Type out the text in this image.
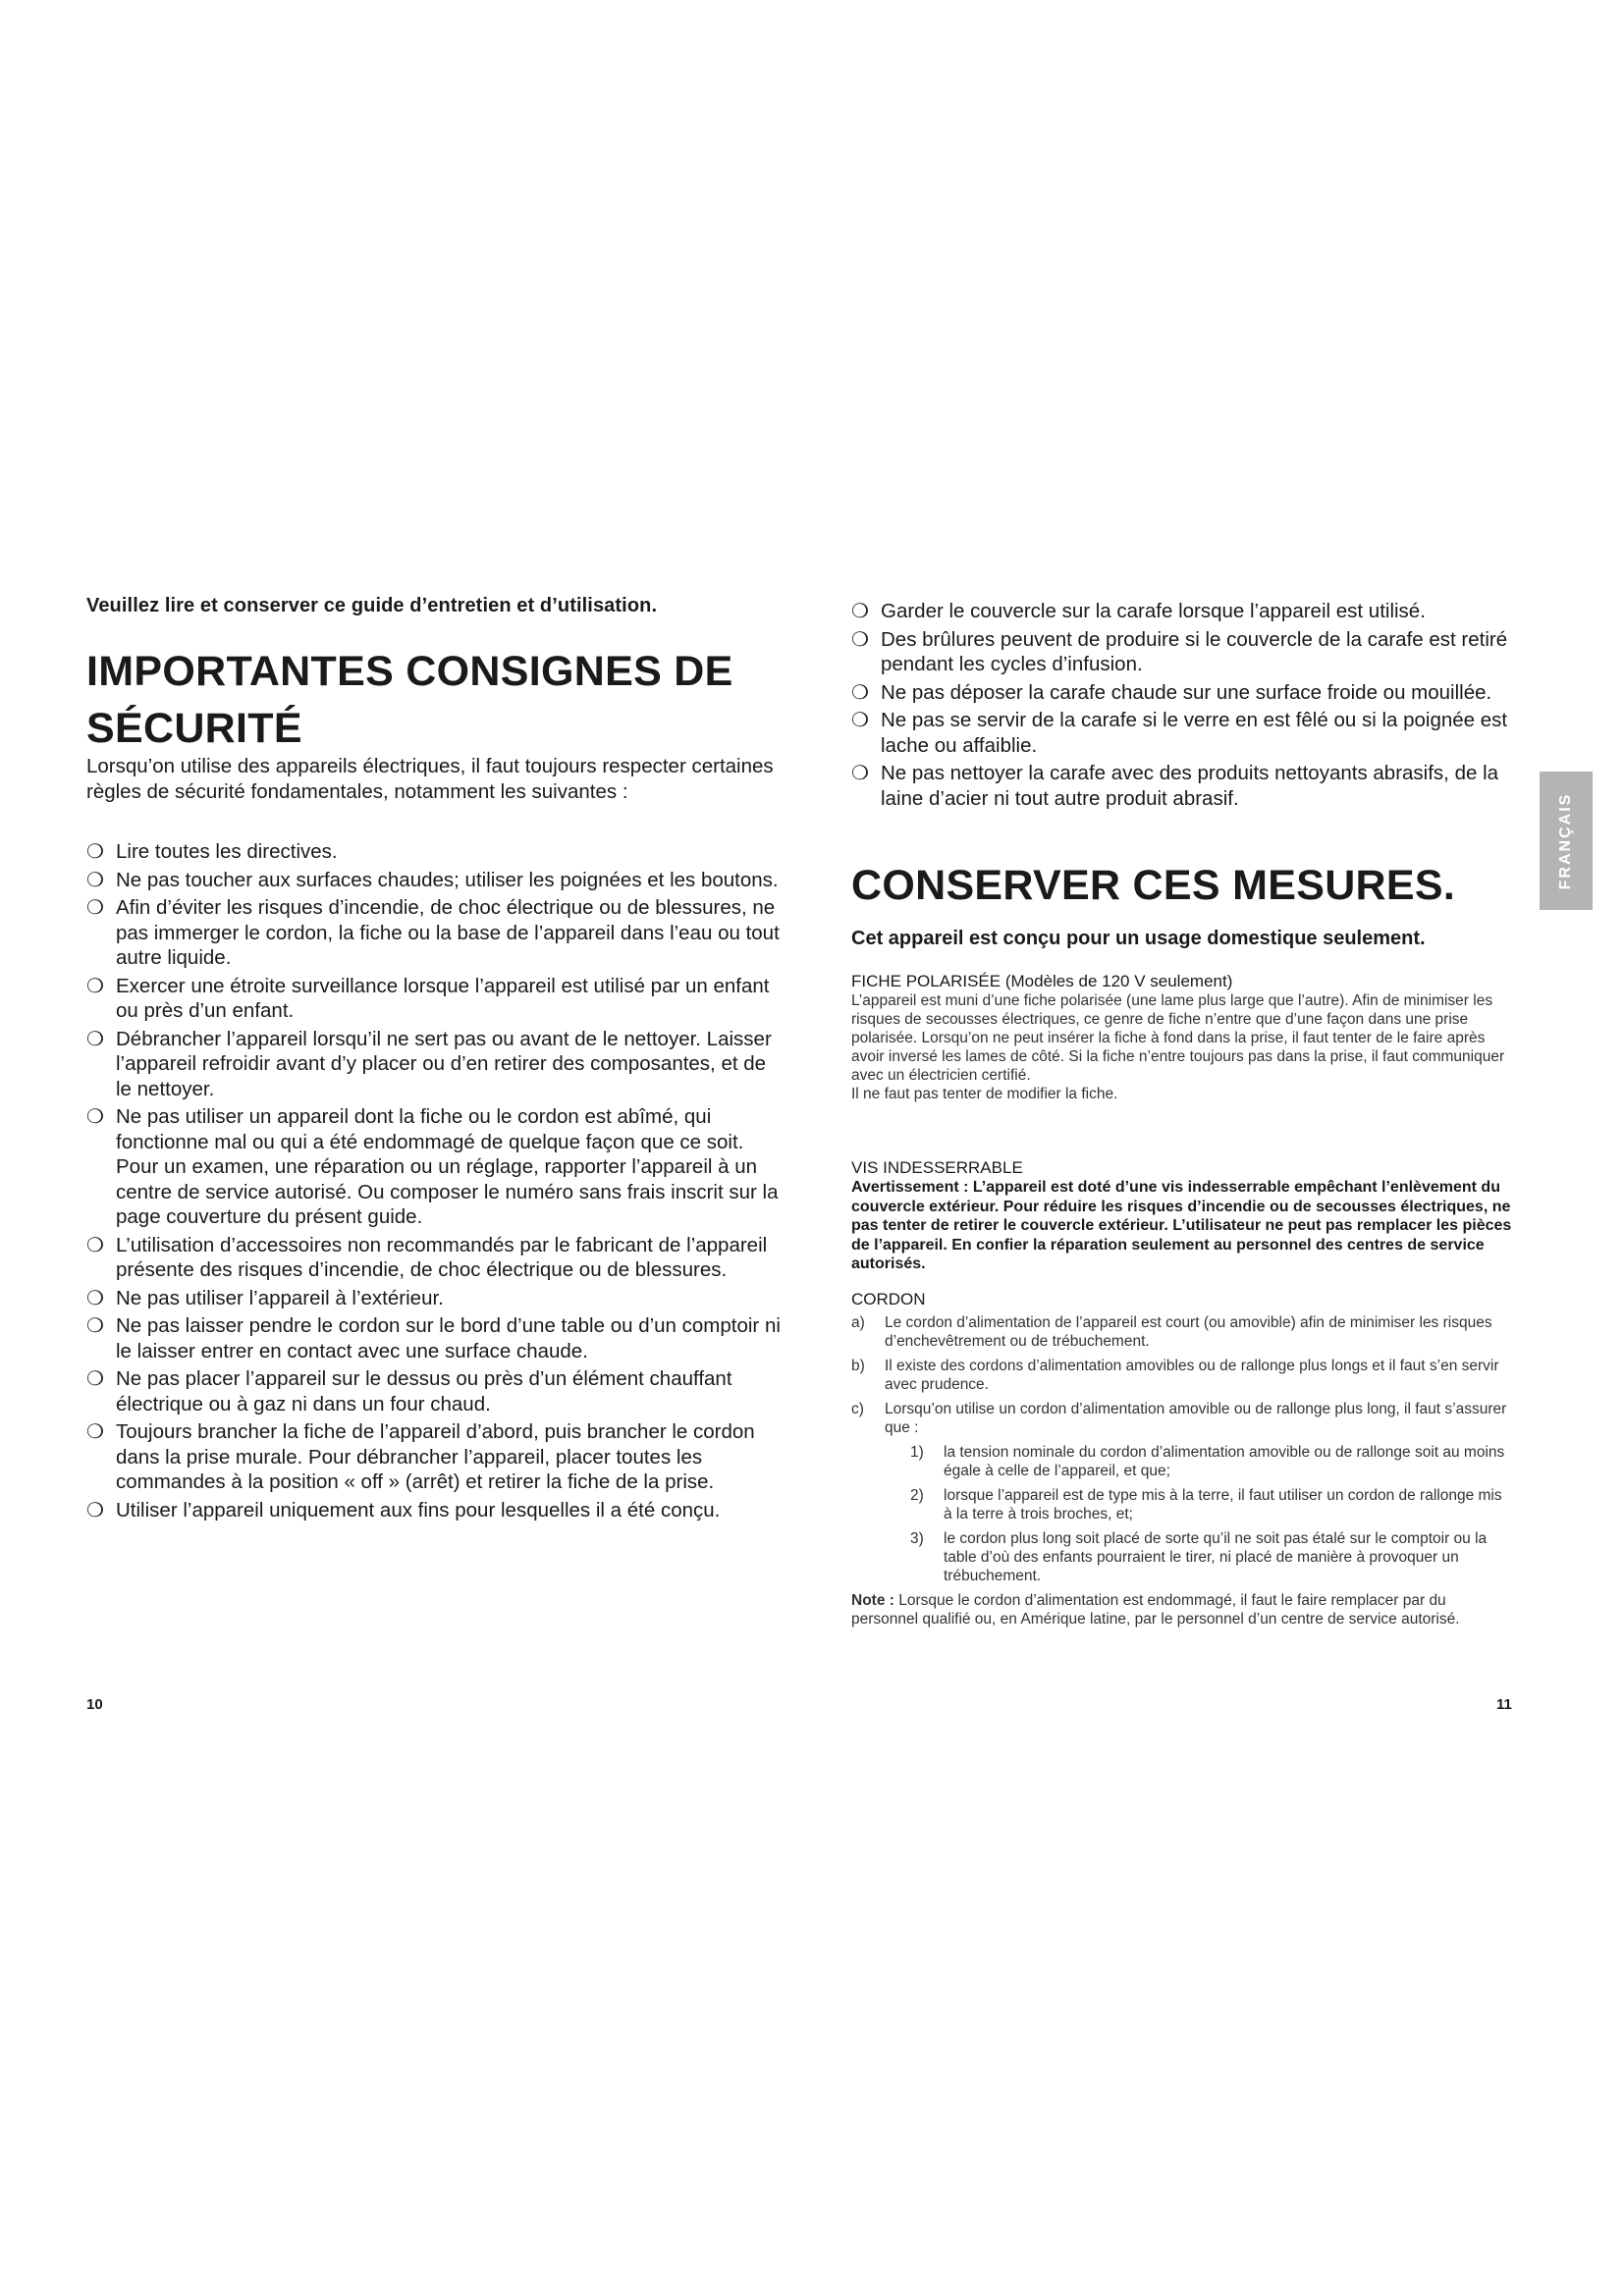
Veuillez lire et conserver ce guide d’entretien et d’utilisation.
IMPORTANTES CONSIGNES DE
SÉCURITÉ

Lorsqu’on utilise des appareils électriques, il faut toujours respecter certaines règles de sécurité fondamentales, notamment les suivantes :

❍ Lire toutes les directives.
❍ Ne pas toucher aux surfaces chaudes; utiliser les poignées et les boutons.
❍ Afin d’éviter les risques d’incendie, de choc électrique ou de blessures, ne pas immerger le cordon, la fiche ou la base de l’appareil dans l’eau ou tout autre liquide.
❍ Exercer une étroite surveillance lorsque l’appareil est utilisé par un enfant ou près d’un enfant.
❍ Débrancher l’appareil lorsqu’il ne sert pas ou avant de le nettoyer. Laisser l’appareil refroidir avant d’y placer ou d’en retirer des composantes, et de le nettoyer.
❍ Ne pas utiliser un appareil dont la fiche ou le cordon est abîmé, qui fonctionne mal ou qui a été endommagé de quelque façon que ce soit. Pour un examen, une réparation ou un réglage, rapporter l’appareil à un centre de service autorisé. Ou composer le numéro sans frais inscrit sur la page couverture du présent guide.
❍ L’utilisation d’accessoires non recommandés par le fabricant de l’appareil présente des risques d’incendie, de choc électrique ou de blessures.
❍ Ne pas utiliser l’appareil à l’extérieur.
❍ Ne pas laisser pendre le cordon sur le bord d’une table ou d’un comptoir ni le laisser entrer en contact avec une surface chaude.
❍ Ne pas placer l’appareil sur le dessus ou près d’un élément chauffant électrique ou à gaz ni dans un four chaud.
❍ Toujours brancher la fiche de l’appareil d’abord, puis brancher le cordon dans la prise murale. Pour débrancher l’appareil, placer toutes les commandes à la position « off » (arrêt) et retirer la fiche de la prise.
❍ Utiliser l’appareil uniquement aux fins pour lesquelles il a été conçu.
10
❍ Garder le couvercle sur la carafe lorsque l’appareil est utilisé.
❍ Des brûlures peuvent de produire si le couvercle de la carafe est retiré pendant les cycles d’infusion.
❍ Ne pas déposer la carafe chaude sur une surface froide ou mouillée.
❍ Ne pas se servir de la carafe si le verre en est fêlé ou si la poignée est lache ou affaiblie.
❍ Ne pas nettoyer la carafe avec des produits nettoyants abrasifs, de la laine d’acier ni tout autre produit abrasif.
CONSERVER CES MESURES.
Cet appareil est conçu pour un usage domestique seulement.
FICHE POLARISÉE (Modèles de 120 V seulement)

L’appareil est muni d’une fiche polarisée (une lame plus large que l’autre). Afin de minimiser les risques de secousses électriques, ce genre de fiche n’entre que d’une façon dans une prise polarisée. Lorsqu’on ne peut insérer la fiche à fond dans la prise, il faut tenter de le faire après avoir inversé les lames de côté. Si la fiche n’entre toujours pas dans la prise, il faut communiquer avec un électricien certifié.

Il ne faut pas tenter de modifier la fiche.

VIS INDESSERRABLE

Avertissement : L’appareil est doté d’une vis indesserrable empêchant l’enlèvement du couvercle extérieur. Pour réduire les risques d’incendie ou de secousses électriques, ne pas tenter de retirer le couvercle extérieur. L’utilisateur ne peut pas remplacer les pièces de l’appareil. En confier la réparation seulement au personnel des centres de service autorisés.

CORDON
a) Le cordon d’alimentation de l’appareil est court (ou amovible) afin de minimiser les risques d’enchevêtrement ou de trébuchement.
b) Il existe des cordons d’alimentation amovibles ou de rallonge plus longs et il faut s’en servir avec prudence.
c) Lorsqu’on utilise un cordon d’alimentation amovible ou de rallonge plus long, il faut s’assurer que :
1) la tension nominale du cordon d’alimentation amovible ou de rallonge soit au moins égale à celle de l’appareil, et que;
2) lorsque l’appareil est de type mis à la terre, il faut utiliser un cordon de rallonge mis à la terre à trois broches, et;
3) le cordon plus long soit placé de sorte qu’il ne soit pas étalé sur le comptoir ou la table d’où des enfants pourraient le tirer, ni placé de manière à provoquer un trébuchement.

Note : Lorsque le cordon d’alimentation est endommagé, il faut le faire remplacer par du personnel qualifié ou, en Amérique latine, par le personnel d’un centre de service autorisé.

11
FRANÇAIS
